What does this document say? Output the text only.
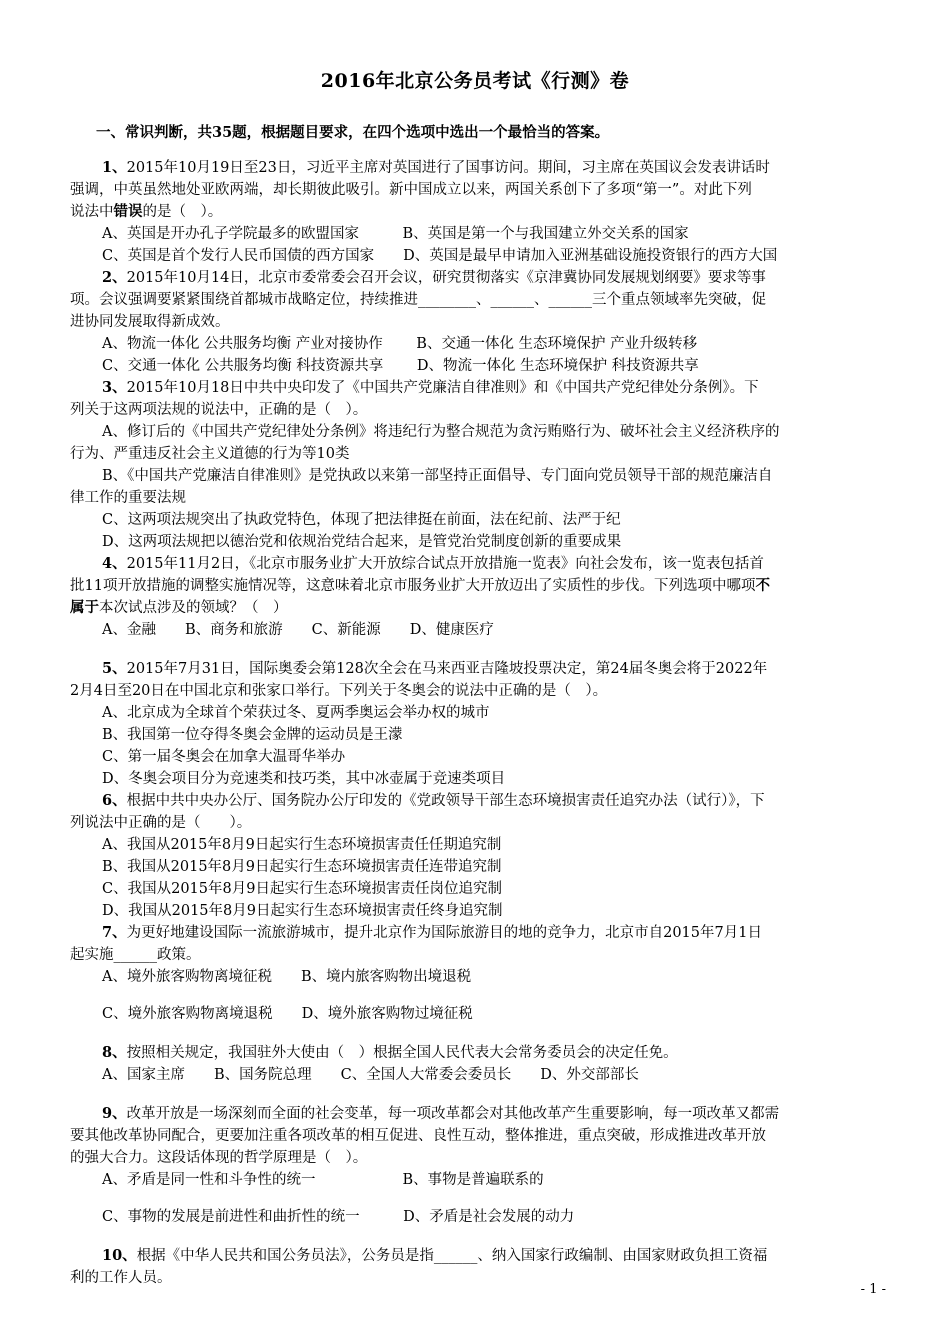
2016年北京公务员考试《行测》卷
一、常识判断，共35题，根据题目要求，在四个选项中选出一个最恰当的答案。
1、2015年10月19日至23日，习近平主席对英国进行了国事访问。期间，习主席在英国议会发表讲话时
强调，中英虽然地处亚欧两端，却长期彼此吸引。新中国成立以来，两国关系创下了多项“第一”。对此下列
说法中错误的是（　）。
A、英国是开办孔子学院最多的欧盟国家　　　B、英国是第一个与我国建立外交关系的国家
C、英国是首个发行人民币国债的西方国家　　D、英国是最早申请加入亚洲基础设施投资银行的西方大国
2、2015年10月14日，北京市委常委会召开会议，研究贯彻落实《京津冀协同发展规划纲要》要求等事
项。会议强调要紧紧围绕首都城市战略定位，持续推进________、______、______三个重点领域率先突破，促
进协同发展取得新成效。
A、物流一体化 公共服务均衡 产业对接协作　　 B、交通一体化 生态环境保护 产业升级转移
C、交通一体化 公共服务均衡 科技资源共享　　 D、物流一体化 生态环境保护 科技资源共享
3、2015年10月18日中共中央印发了《中国共产党廉洁自律准则》和《中国共产党纪律处分条例》。下
列关于这两项法规的说法中，正确的是（　）。
A、修订后的《中国共产党纪律处分条例》将违纪行为整合规范为贪污贿赂行为、破坏社会主义经济秩序的
行为、严重违反社会主义道德的行为等10类
B、《中国共产党廉洁自律准则》是党执政以来第一部坚持正面倡导、专门面向党员领导干部的规范廉洁自
律工作的重要法规
C、这两项法规突出了执政党特色，体现了把法律挺在前面，法在纪前、法严于纪
D、这两项法规把以德治党和依规治党结合起来，是管党治党制度创新的重要成果
4、2015年11月2日，《北京市服务业扩大开放综合试点开放措施一览表》向社会发布，该一览表包括首
批11项开放措施的调整实施情况等，这意味着北京市服务业扩大开放迈出了实质性的步伐。下列选项中哪项不
属于本次试点涉及的领域？（　）
A、金融　　B、商务和旅游　　C、新能源　　D、健康医疗
5、2015年7月31日，国际奥委会第128次全会在马来西亚吉隆坡投票决定，第24届冬奥会将于2022年
2月4日至20日在中国北京和张家口举行。下列关于冬奥会的说法中正确的是（　）。
A、北京成为全球首个荣获过冬、夏两季奥运会举办权的城市
B、我国第一位夺得冬奥会金牌的运动员是王濛
C、第一届冬奥会在加拿大温哥华举办
D、冬奥会项目分为竞速类和技巧类，其中冰壶属于竞速类项目
6、根据中共中央办公厅、国务院办公厅印发的《党政领导干部生态环境损害责任追究办法（试行）》，下
列说法中正确的是（　　）。
A、我国从2015年8月9日起实行生态环境损害责任任期追究制
B、我国从2015年8月9日起实行生态环境损害责任连带追究制
C、我国从2015年8月9日起实行生态环境损害责任岗位追究制
D、我国从2015年8月9日起实行生态环境损害责任终身追究制
7、为更好地建设国际一流旅游城市，提升北京作为国际旅游目的地的竞争力，北京市自2015年7月1日
起实施______政策。
A、境外旅客购物离境征税　　B、境内旅客购物出境退税
C、境外旅客购物离境退税　　D、境外旅客购物过境征税
8、按照相关规定，我国驻外大使由（　）根据全国人民代表大会常务委员会的决定任免。
A、国家主席　　B、国务院总理　　C、全国人大常委会委员长　　D、外交部部长
9、改革开放是一场深刻而全面的社会变革，每一项改革都会对其他改革产生重要影响，每一项改革又都需
要其他改革协同配合，更要加注重各项改革的相互促进、良性互动，整体推进，重点突破，形成推进改革开放
的强大合力。这段话体现的哲学原理是（　）。
A、矛盾是同一性和斗争性的统一　　　　　　B、事物是普遍联系的
C、事物的发展是前进性和曲折性的统一　　　D、矛盾是社会发展的动力
10、根据《中华人民共和国公务员法》，公务员是指______、纳入国家行政编制、由国家财政负担工资福
利的工作人员。
- 1 -
